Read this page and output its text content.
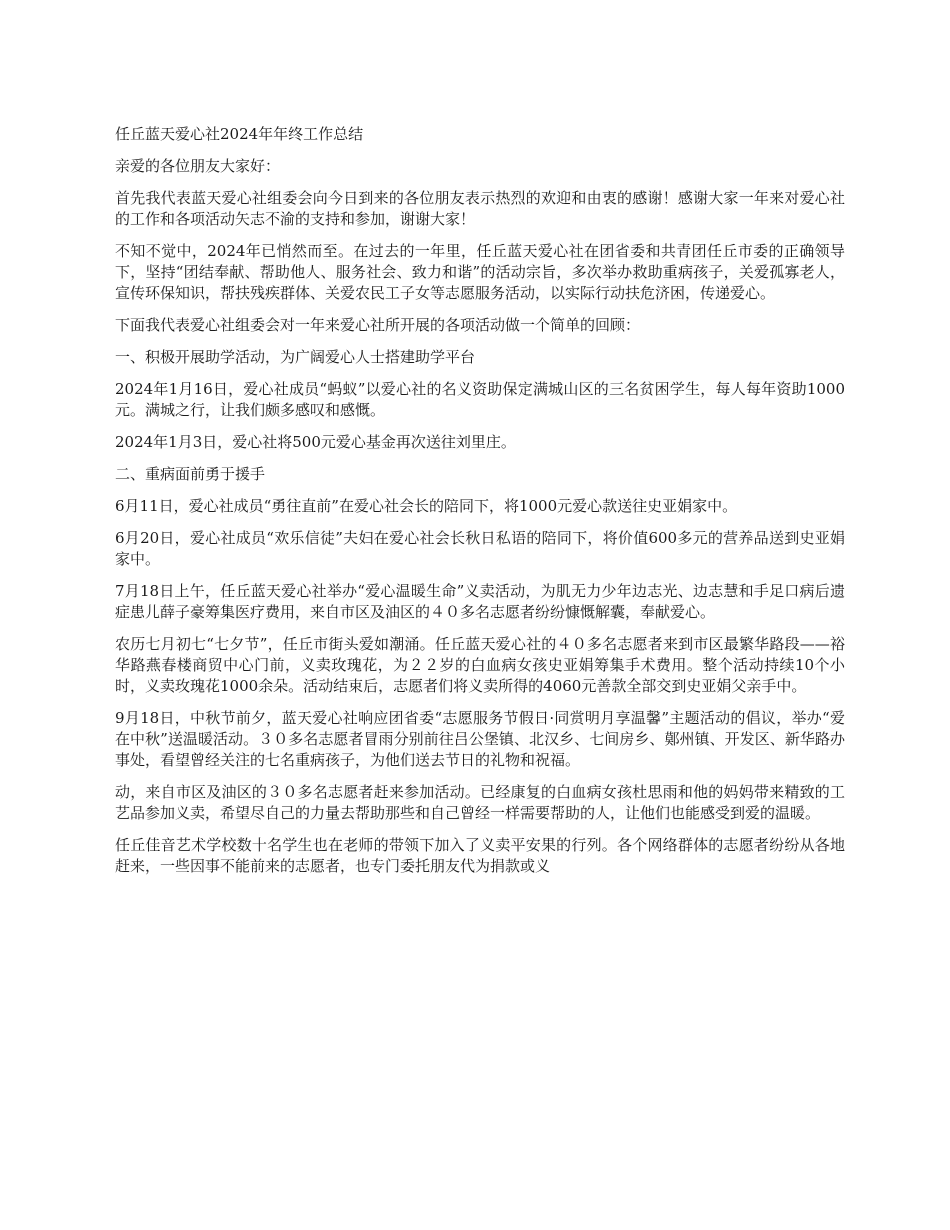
任丘蓝天爱心社2024年年终工作总结

亲爱的各位朋友大家好：

首先我代表蓝天爱心社组委会向今日到来的各位朋友表示热烈的欢迎和由衷的感谢！感谢大家一年来对爱心社的工作和各项活动矢志不渝的支持和参加，谢谢大家！

不知不觉中，2024年已悄然而至。在过去的一年里，任丘蓝天爱心社在团省委和共青团任丘市委的正确领导下，坚持“团结奉献、帮助他人、服务社会、致力和谐”的活动宗旨，多次举办救助重病孩子，关爱孤寡老人，宣传环保知识，帮扶残疾群体、关爱农民工子女等志愿服务活动，以实际行动扶危济困，传递爱心。

下面我代表爱心社组委会对一年来爱心社所开展的各项活动做一个简单的回顾：

一、积极开展助学活动，为广阔爱心人士搭建助学平台

2024年1月16日，爱心社成员“蚂蚁”以爱心社的名义资助保定满城山区的三名贫困学生，每人每年资助1000元。满城之行，让我们颇多感叹和感慨。

2024年1月3日，爱心社将500元爱心基金再次送往刘里庄。

二、重病面前勇于援手

6月11日，爱心社成员“勇往直前”在爱心社会长的陪同下，将1000元爱心款送往史亚娟家中。

6月20日，爱心社成员“欢乐信徒”夫妇在爱心社会长秋日私语的陪同下，将价值600多元的营养品送到史亚娟家中。

7月18日上午，任丘蓝天爱心社举办“爱心温暖生命”义卖活动，为肌无力少年边志光、边志慧和手足口病后遗症患儿薛子豪筹集医疗费用，来自市区及油区的４０多名志愿者纷纷慷慨解囊，奉献爱心。

农历七月初七“七夕节”，任丘市街头爱如潮涌。任丘蓝天爱心社的４０多名志愿者来到市区最繁华路段——裕华路燕春楼商贸中心门前，义卖玫瑰花，为２２岁的白血病女孩史亚娟筹集手术费用。整个活动持续10个小时，义卖玫瑰花1000余朵。活动结束后，志愿者们将义卖所得的4060元善款全部交到史亚娟父亲手中。

9月18日，中秋节前夕，蓝天爱心社响应团省委“志愿服务节假日·同赏明月享温馨”主题活动的倡议，举办“爱在中秋”送温暖活动。３０多名志愿者冒雨分别前往吕公堡镇、北汉乡、七间房乡、鄚州镇、开发区、新华路办事处，看望曾经关注的七名重病孩子，为他们送去节日的礼物和祝福。

动，来自市区及油区的３０多名志愿者赶来参加活动。已经康复的白血病女孩杜思雨和他的妈妈带来精致的工艺品参加义卖，希望尽自己的力量去帮助那些和自己曾经一样需要帮助的人，让他们也能感受到爱的温暖。

任丘佳音艺术学校数十名学生也在老师的带领下加入了义卖平安果的行列。各个网络群体的志愿者纷纷从各地赶来，一些因事不能前来的志愿者，也专门委托朋友代为捐款或义
